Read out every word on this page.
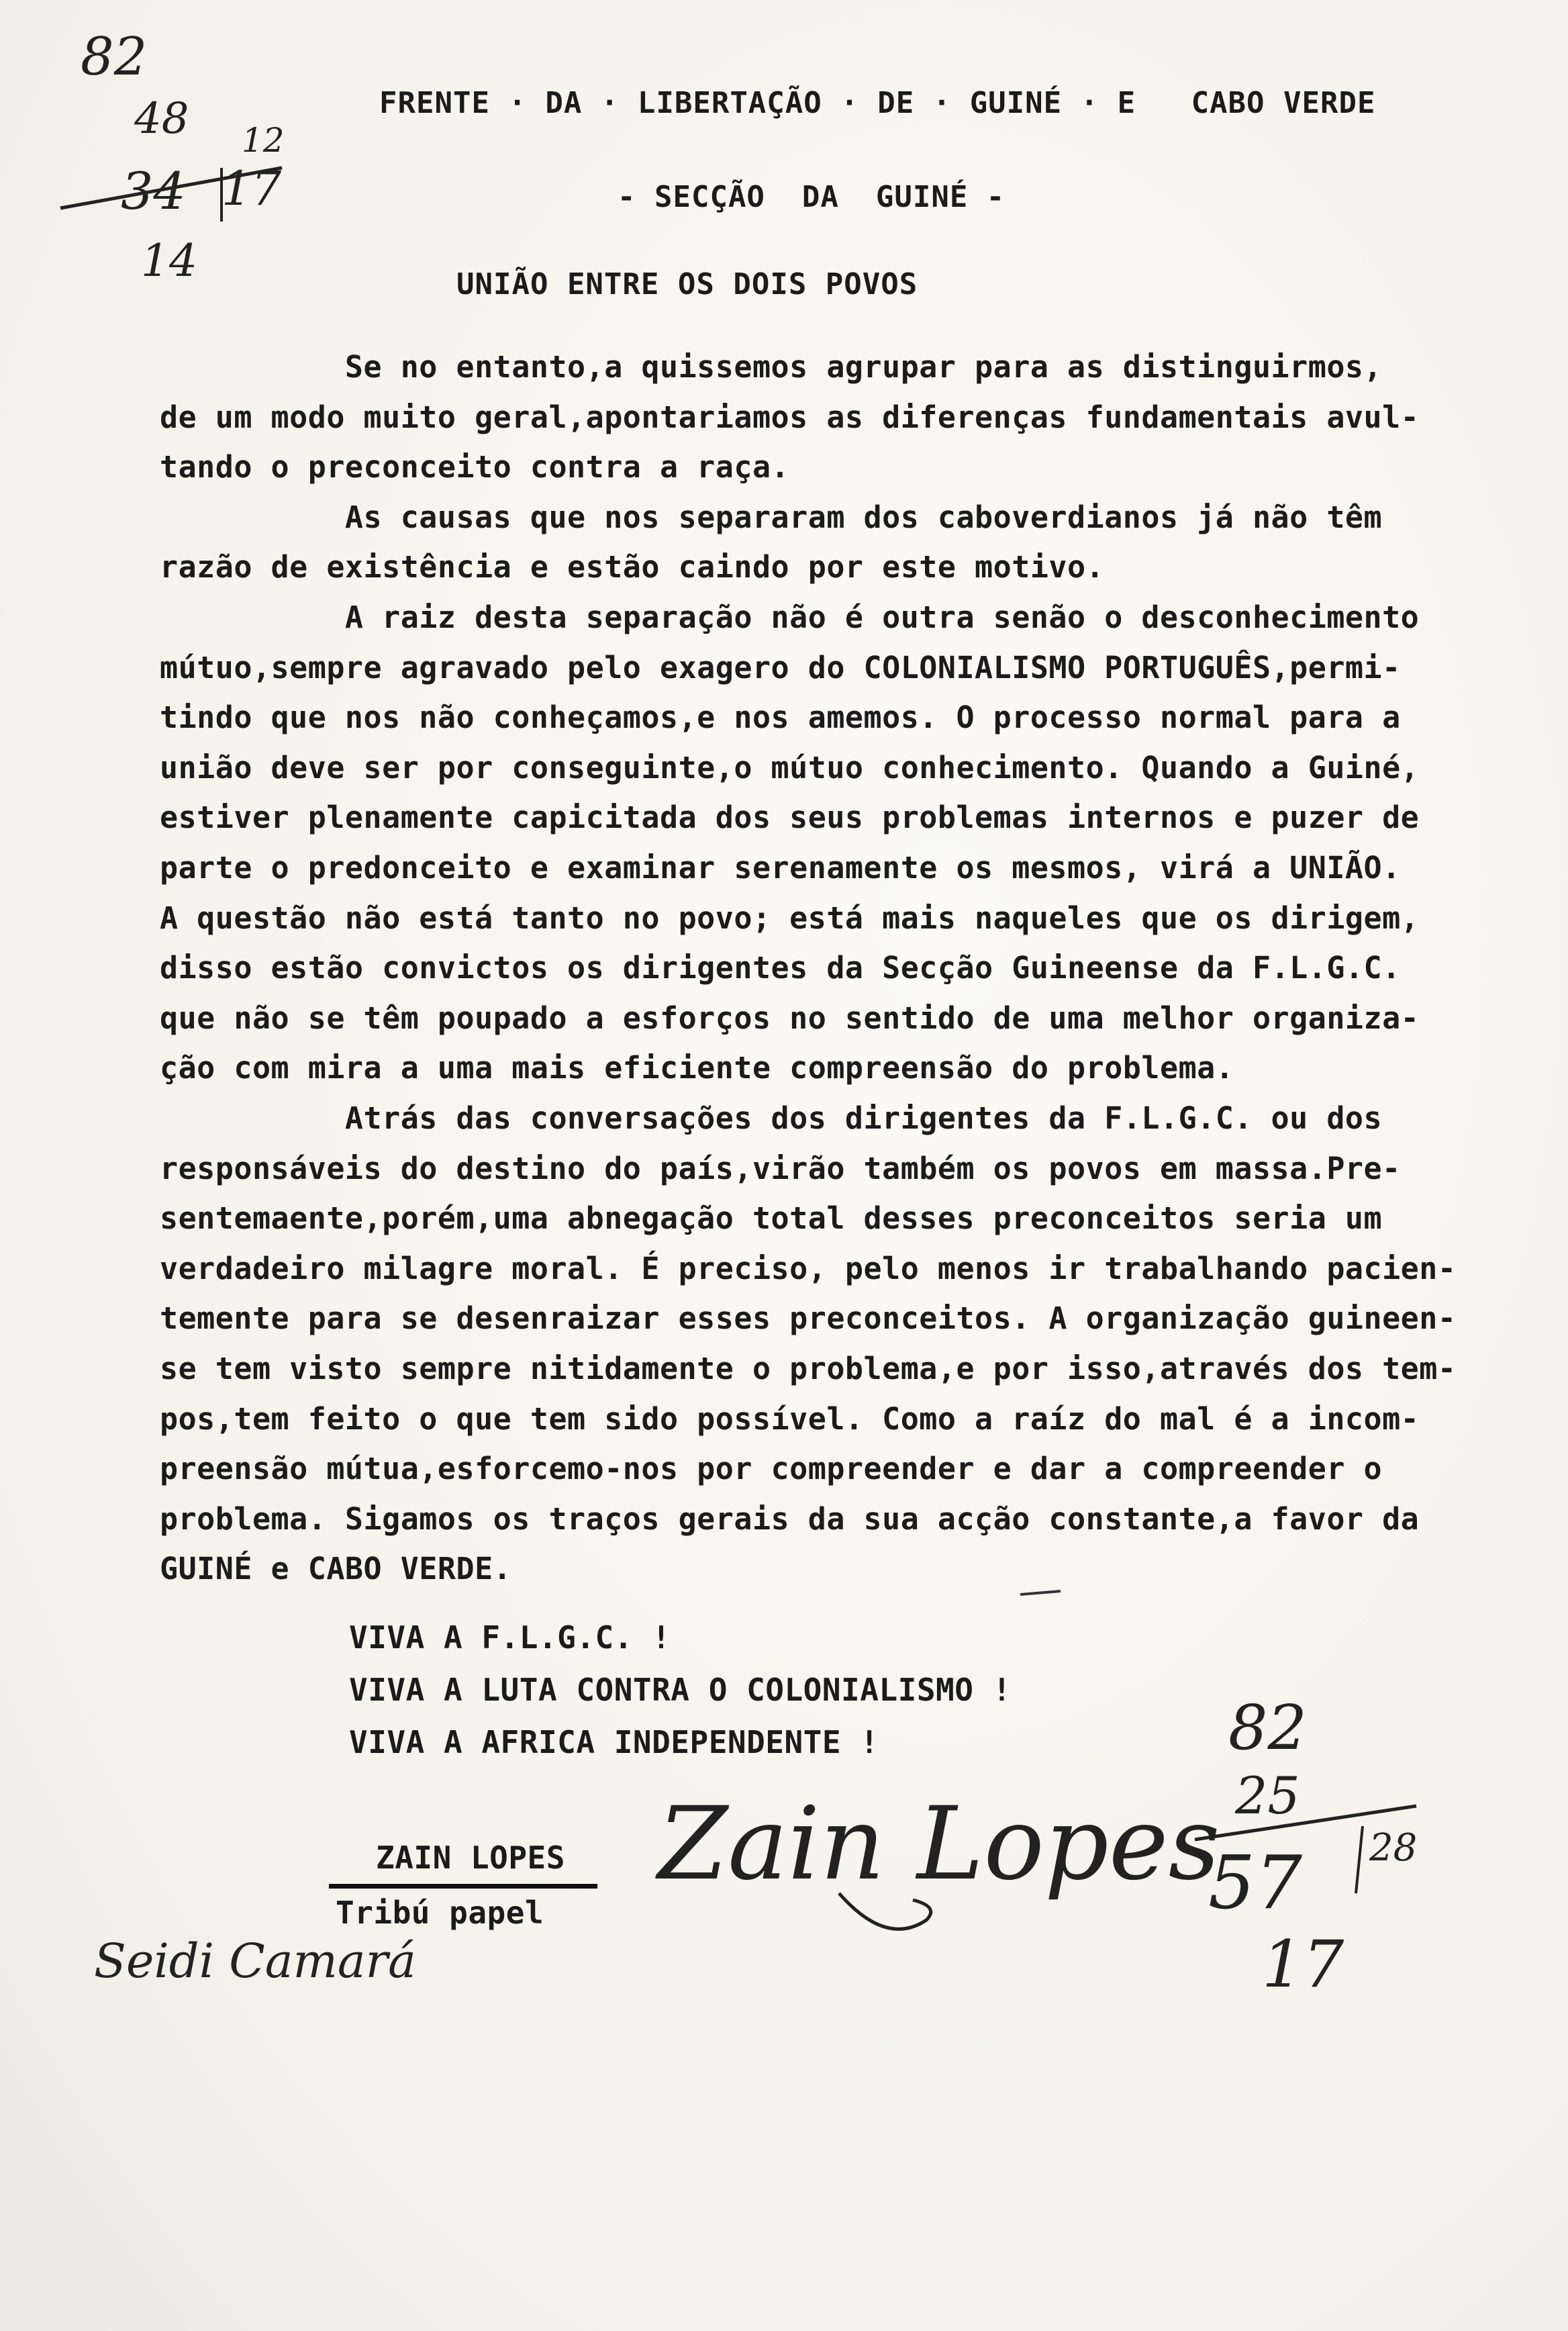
FRENTE · DA · LIBERTAÇÃO · DE · GUINÉ · E   CABO VERDE
- SECÇÃO  DA  GUINÉ -
UNIÃO ENTRE OS DOIS POVOS
82
48
34 17
14
12
Se no entanto,a quissemos agrupar para as distinguirmos,
de um modo muito geral,apontariamos as diferenças fundamentais avul-
tando o preconceito contra a raça.
As causas que nos separaram dos caboverdianos já não têm
razão de existência e estão caindo por este motivo.
A raiz desta separação não é outra senão o desconhecimento
mútuo,sempre agravado pelo exagero do COLONIALISMO PORTUGUÊS,permi-
tindo que nos não conheçamos,e nos amemos. O processo normal para a
união deve ser por conseguinte,o mútuo conhecimento. Quando a Guiné,
estiver plenamente capicitada dos seus problemas internos e puzer de
parte o predonceito e examinar serenamente os mesmos, virá a UNIÃO.
A questão não está tanto no povo; está mais naqueles que os dirigem,
disso estão convictos os dirigentes da Secção Guineense da F.L.G.C.
que não se têm poupado a esforços no sentido de uma melhor organiza-
ção com mira a uma mais eficiente compreensão do problema.
Atrás das conversações dos dirigentes da F.L.G.C. ou dos
responsáveis do destino do país,virão também os povos em massa.Pre-
sentemaente,porém,uma abnegação total desses preconceitos seria um
verdadeiro milagre moral. É preciso, pelo menos ir trabalhando pacien-
temente para se desenraizar esses preconceitos. A organização guineen-
se tem visto sempre nitidamente o problema,e por isso,através dos tem-
pos,tem feito o que tem sido possível. Como a raíz do mal é a incom-
preensão mútua,esforcemo-nos por compreender e dar a compreender o
problema. Sigamos os traços gerais da sua acção constante,a favor da
GUINÉ e CABO VERDE.
VIVA A F.L.G.C. !
VIVA A LUTA CONTRA O COLONIALISMO !
VIVA A AFRICA INDEPENDENTE !
ZAIN LOPES
Tribú papel
Zain Lopes
Seidi Camará
82
25
57 28
17
